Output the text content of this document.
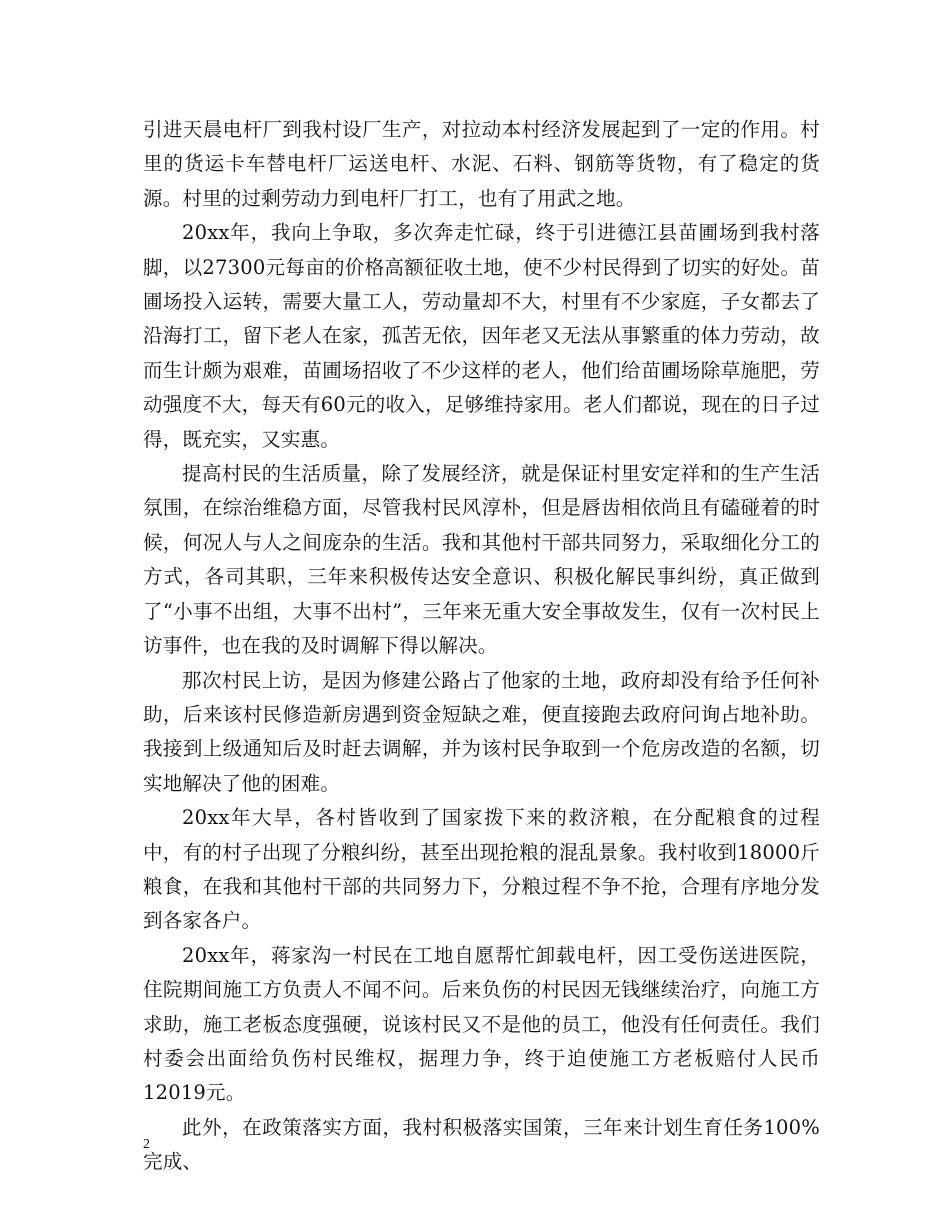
引进天晨电杆厂到我村设厂生产，对拉动本村经济发展起到了一定的作用。村里的货运卡车替电杆厂运送电杆、水泥、石料、钢筋等货物，有了稳定的货源。村里的过剩劳动力到电杆厂打工，也有了用武之地。

20xx年，我向上争取，多次奔走忙碌，终于引进德江县苗圃场到我村落脚，以27300元每亩的价格高额征收土地，使不少村民得到了切实的好处。苗圃场投入运转，需要大量工人，劳动量却不大，村里有不少家庭，子女都去了沿海打工，留下老人在家，孤苦无依，因年老又无法从事繁重的体力劳动，故而生计颇为艰难，苗圃场招收了不少这样的老人，他们给苗圃场除草施肥，劳动强度不大，每天有60元的收入，足够维持家用。老人们都说，现在的日子过得，既充实，又实惠。

提高村民的生活质量，除了发展经济，就是保证村里安定祥和的生产生活氛围，在综治维稳方面，尽管我村民风淳朴，但是唇齿相依尚且有磕碰着的时候，何况人与人之间庞杂的生活。我和其他村干部共同努力，采取细化分工的方式，各司其职，三年来积极传达安全意识、积极化解民事纠纷，真正做到了“小事不出组，大事不出村”，三年来无重大安全事故发生，仅有一次村民上访事件，也在我的及时调解下得以解决。

那次村民上访，是因为修建公路占了他家的土地，政府却没有给予任何补助，后来该村民修造新房遇到资金短缺之难，便直接跑去政府问询占地补助。我接到上级通知后及时赶去调解，并为该村民争取到一个危房改造的名额，切实地解决了他的困难。

20xx年大旱，各村皆收到了国家拨下来的救济粮，在分配粮食的过程中，有的村子出现了分粮纠纷，甚至出现抢粮的混乱景象。我村收到18000斤粮食，在我和其他村干部的共同努力下，分粮过程不争不抢，合理有序地分发到各家各户。

20xx年，蒋家沟一村民在工地自愿帮忙卸载电杆，因工受伤送进医院，住院期间施工方负责人不闻不问。后来负伤的村民因无钱继续治疗，向施工方求助，施工老板态度强硬，说该村民又不是他的员工，他没有任何责任。我们村委会出面给负伤村民维权，据理力争，终于迫使施工方老板赔付人民币12019元。

此外，在政策落实方面，我村积极落实国策，三年来计划生育任务100%完成、

2
